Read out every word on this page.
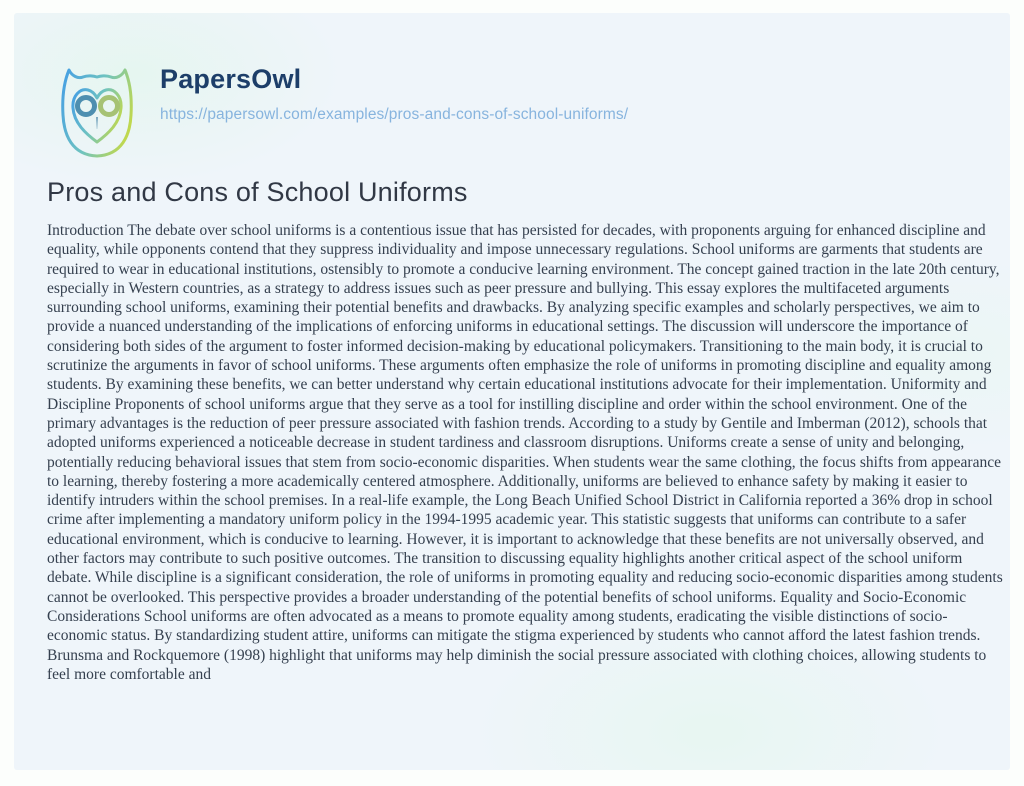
PapersOwl
https://papersowl.com/examples/pros-and-cons-of-school-uniforms/
Pros and Cons of School Uniforms
Introduction The debate over school uniforms is a contentious issue that has persisted for decades, with proponents arguing for enhanced discipline and equality, while opponents contend that they suppress individuality and impose unnecessary regulations. School uniforms are garments that students are required to wear in educational institutions, ostensibly to promote a conducive learning environment. The concept gained traction in the late 20th century, especially in Western countries, as a strategy to address issues such as peer pressure and bullying. This essay explores the multifaceted arguments surrounding school uniforms, examining their potential benefits and drawbacks. By analyzing specific examples and scholarly perspectives, we aim to provide a nuanced understanding of the implications of enforcing uniforms in educational settings. The discussion will underscore the importance of considering both sides of the argument to foster informed decision-making by educational policymakers. Transitioning to the main body, it is crucial to scrutinize the arguments in favor of school uniforms. These arguments often emphasize the role of uniforms in promoting discipline and equality among students. By examining these benefits, we can better understand why certain educational institutions advocate for their implementation. Uniformity and Discipline Proponents of school uniforms argue that they serve as a tool for instilling discipline and order within the school environment. One of the primary advantages is the reduction of peer pressure associated with fashion trends. According to a study by Gentile and Imberman (2012), schools that adopted uniforms experienced a noticeable decrease in student tardiness and classroom disruptions. Uniforms create a sense of unity and belonging, potentially reducing behavioral issues that stem from socio-economic disparities. When students wear the same clothing, the focus shifts from appearance to learning, thereby fostering a more academically centered atmosphere. Additionally, uniforms are believed to enhance safety by making it easier to identify intruders within the school premises. In a real-life example, the Long Beach Unified School District in California reported a 36% drop in school crime after implementing a mandatory uniform policy in the 1994-1995 academic year. This statistic suggests that uniforms can contribute to a safer educational environment, which is conducive to learning. However, it is important to acknowledge that these benefits are not universally observed, and other factors may contribute to such positive outcomes. The transition to discussing equality highlights another critical aspect of the school uniform debate. While discipline is a significant consideration, the role of uniforms in promoting equality and reducing socio-economic disparities among students cannot be overlooked. This perspective provides a broader understanding of the potential benefits of school uniforms. Equality and Socio-Economic Considerations School uniforms are often advocated as a means to promote equality among students, eradicating the visible distinctions of socio-economic status. By standardizing student attire, uniforms can mitigate the stigma experienced by students who cannot afford the latest fashion trends. Brunsma and Rockquemore (1998) highlight that uniforms may help diminish the social pressure associated with clothing choices, allowing students to feel more comfortable and
